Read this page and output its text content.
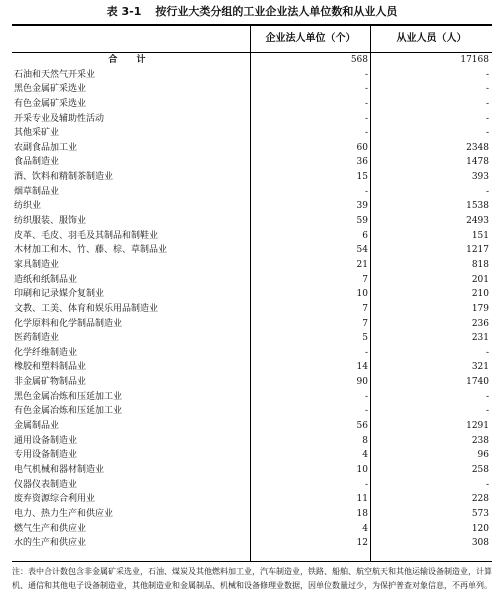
表 3-1 按行业大类分组的工业企业法人单位数和从业人员
企业法人单位（个）	从业人员（人）
合 计	568	17168
石油和天然气开采业	-	-
黑色金属矿采选业	-	-
有色金属矿采选业	-	-
开采专业及辅助性活动	-	-
其他采矿业	-	-
农副食品加工业	60	2348
食品制造业	36	1478
酒、饮料和精制茶制造业	15	393
烟草制品业	-	-
纺织业	39	1538
纺织服装、服饰业	59	2493
皮革、毛皮、羽毛及其制品和制鞋业	6	151
木材加工和木、竹、藤、棕、草制品业	54	1217
家具制造业	21	818
造纸和纸制品业	7	201
印刷和记录媒介复制业	10	210
文教、工美、体育和娱乐用品制造业	7	179
化学原料和化学制品制造业	7	236
医药制造业	5	231
化学纤维制造业	-	-
橡胶和塑料制品业	14	321
非金属矿物制品业	90	1740
黑色金属冶炼和压延加工业	-	-
有色金属冶炼和压延加工业	-	-
金属制品业	56	1291
通用设备制造业	8	238
专用设备制造业	4	96
电气机械和器材制造业	10	258
仪器仪表制造业	-	-
废弃资源综合利用业	11	228
电力、热力生产和供应业	18	573
燃气生产和供应业	4	120
水的生产和供应业	12	308
注：表中合计数包含非金属矿采选业，石油、煤炭及其他燃料加工业，汽车制造业，铁路、船舶、航空航天和其他运输设备制造业，计算机、通信和其他电子设备制造业，其他制造业和金属制品、机械和设备修理业数据，因单位数量过少，为保护普查对象信息，不再单列。
